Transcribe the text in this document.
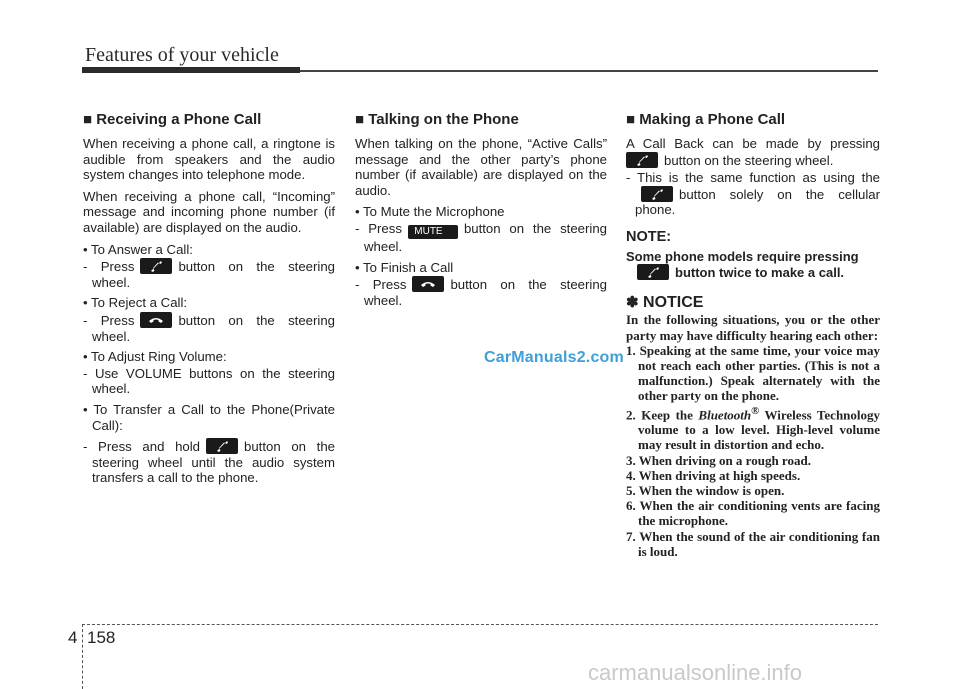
Features of your vehicle
■ Receiving a Phone Call

When receiving a phone call, a ringtone is audible from speakers and the audio system changes into telephone mode.

When receiving a phone call, “Incoming” message and incoming phone number (if available) are displayed on the audio.

• To Answer a Call:
- Press	button on the steering wheel.
• To Reject a Call:
- Press	button on the steering wheel.
• To Adjust Ring Volume:
- Use VOLUME buttons on the steering wheel.
• To Transfer a Call to the Phone(Private Call):
- Press and hold	button on the steering wheel until the audio system transfers a call to the phone.
■ Talking on the Phone

When talking on the phone, “Active Calls” message and the other party’s phone number (if available) are displayed on the audio.

• To Mute the Microphone
- Press MUTE button on the steering wheel.
• To Finish a Call
- Press	button on the steering wheel.
■ Making a Phone Call

A Call Back can be made by pressing
button on the steering wheel.

- This is the same function as using the
button solely on the cellular phone.
NOTE:
Some phone models require pressing

button twice to make a call.
✽ NOTICE

In the following situations, you or the other party may have difficulty hearing each other:

1. Speaking at the same time, your voice may not reach each other parties. (This is not a malfunction.) Speak alternately with the other party on the phone.

2. Keep the Bluetooth® Wireless Technology volume to a low level. High-level volume may result in distortion and echo.

3. When driving on a rough road.

4. When driving at high speeds.

5. When the window is open.

6. When the air conditioning vents are facing the microphone.

7. When the sound of the air conditioning fan is loud.

CarManuals2.com
4 158
carmanualsonline.info
